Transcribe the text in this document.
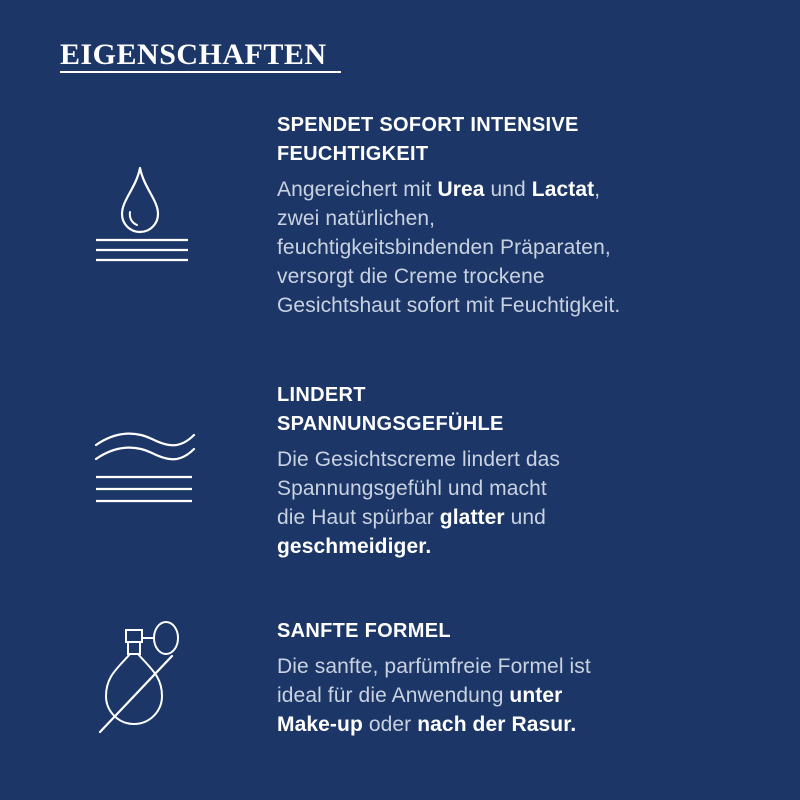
EIGENSCHAFTEN
SPENDET SOFORT INTENSIVE
FEUCHTIGKEIT

Angereichert mit Urea und Lactat,
zwei natürlichen,
feuchtigkeitsbindenden Präparaten,
versorgt die Creme trockene
Gesichtshaut sofort mit Feuchtigkeit.

LINDERT
SPANNUNGSGEFÜHLE

Die Gesichtscreme lindert das
Spannungsgefühl und macht
die Haut spürbar glatter und
geschmeidiger.

SANFTE FORMEL

Die sanfte, parfümfreie Formel ist
ideal für die Anwendung unter
Make-up oder nach der Rasur.
